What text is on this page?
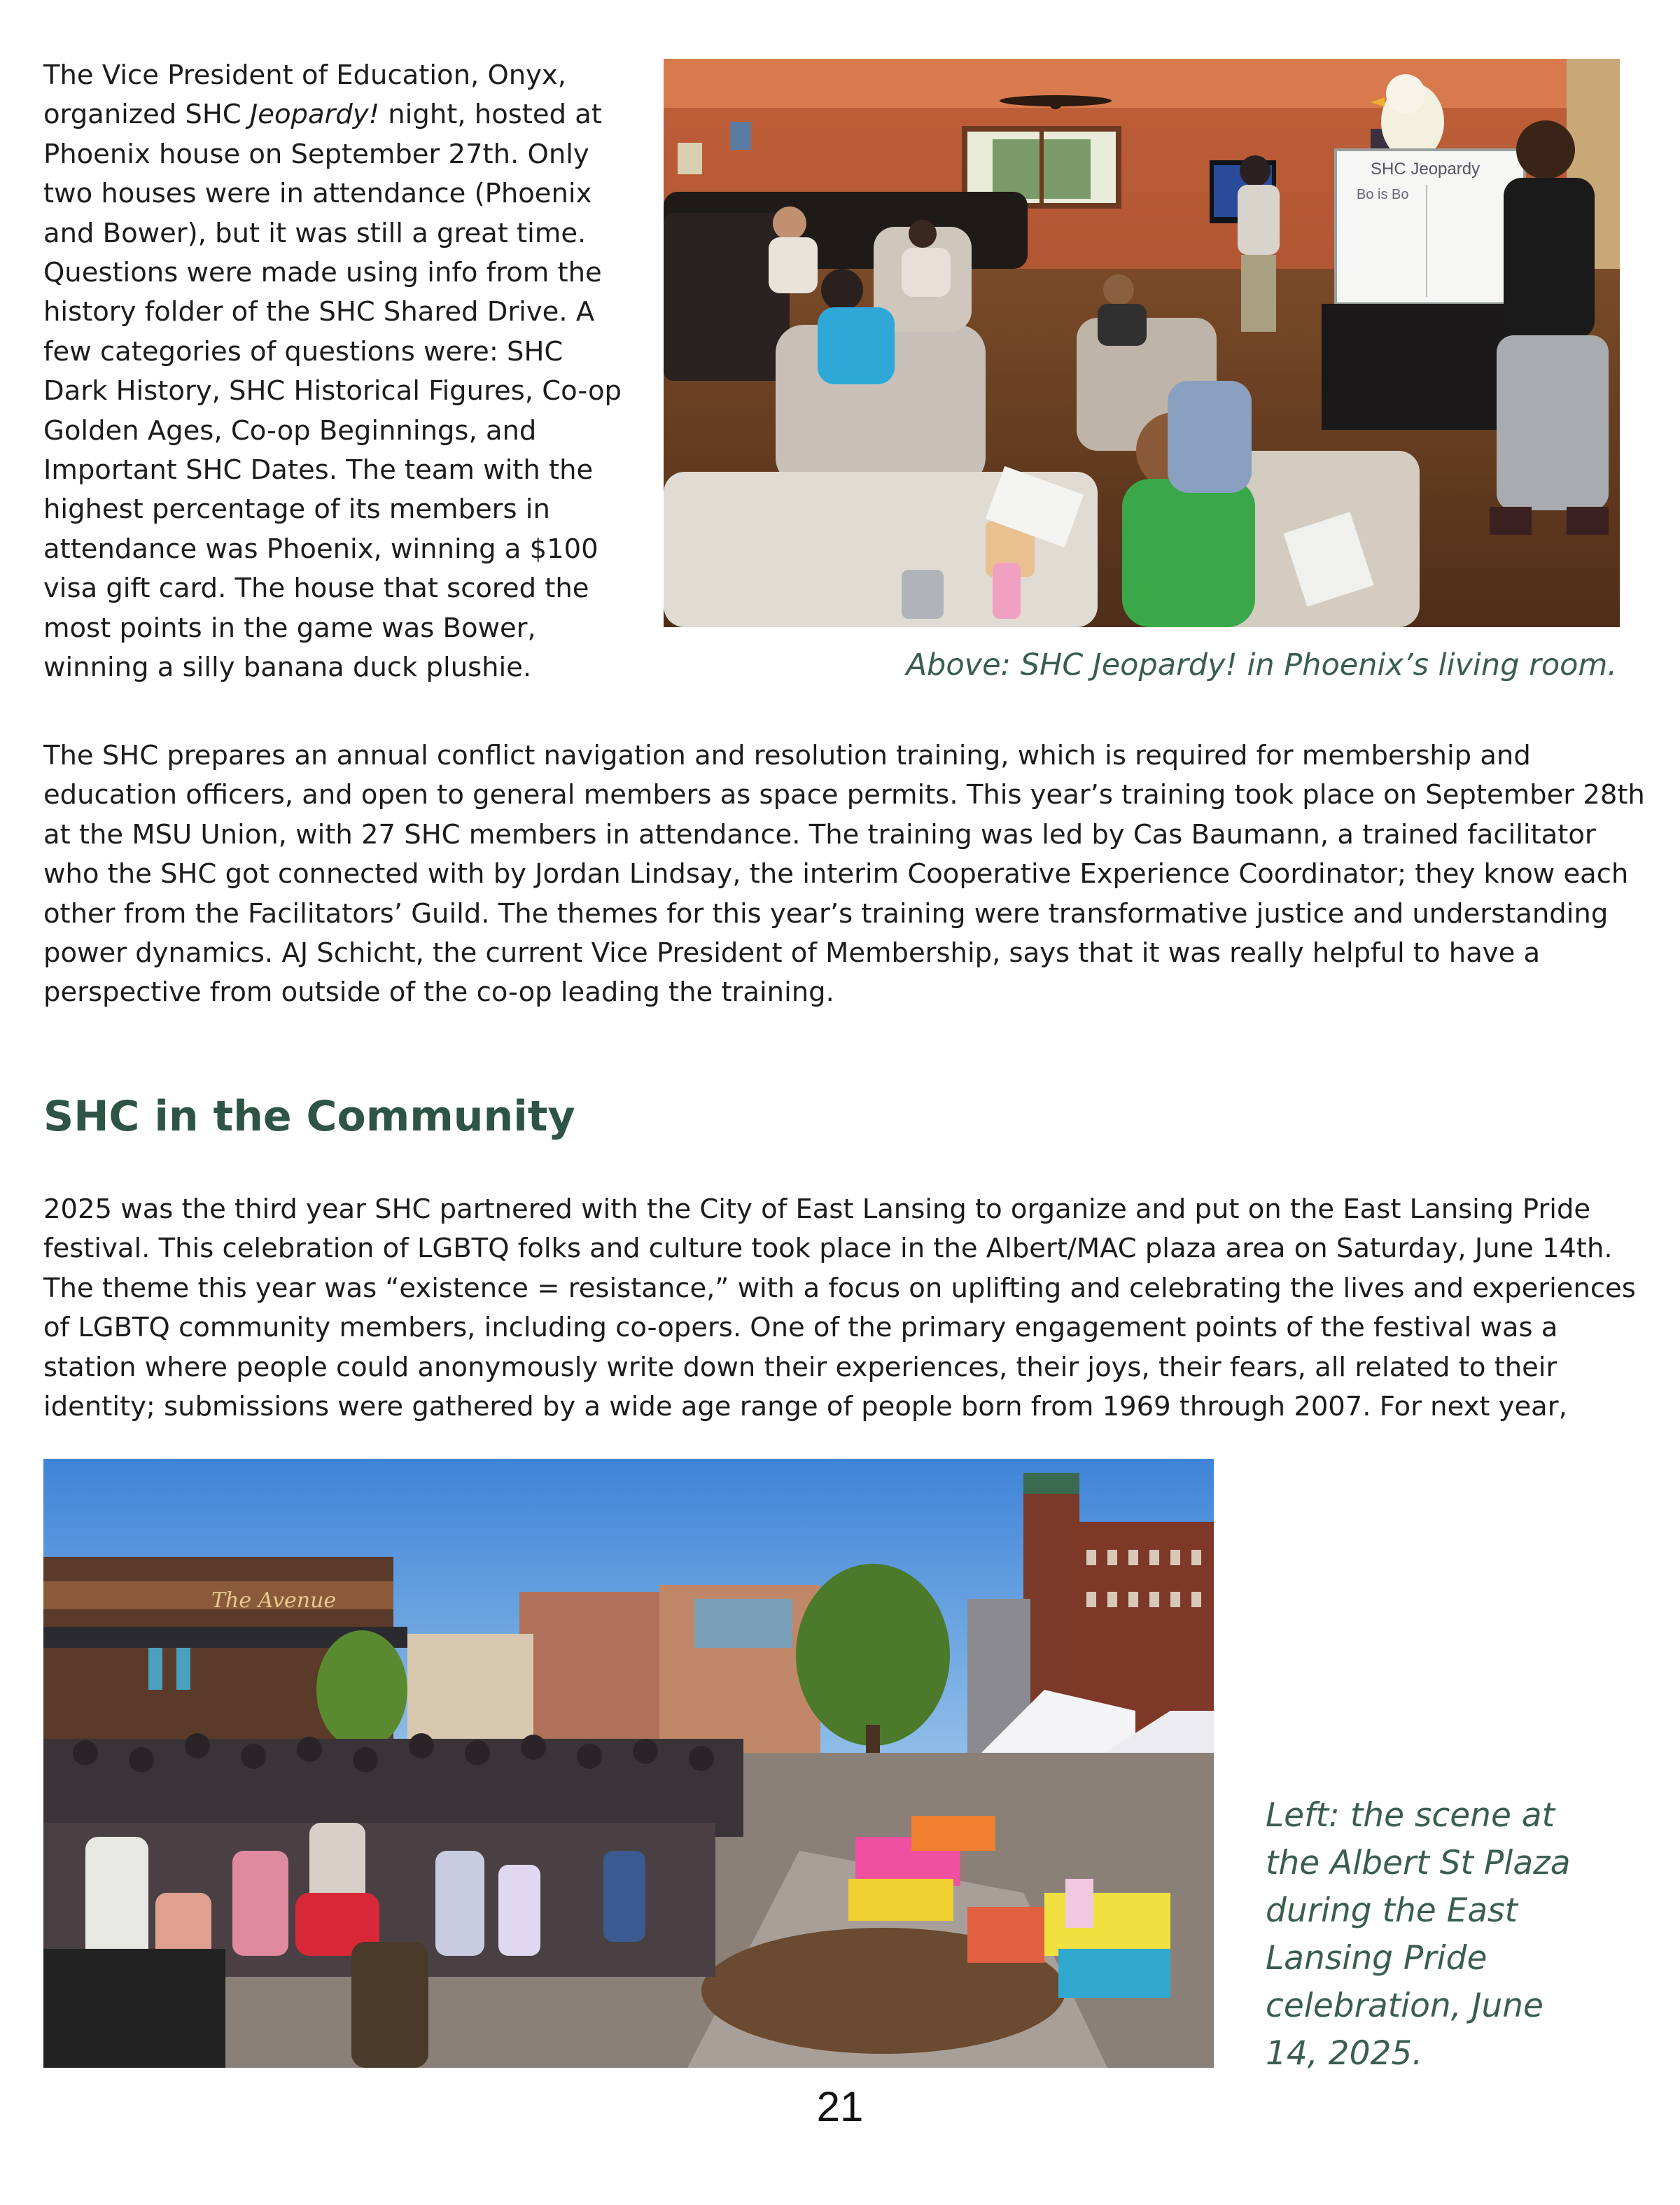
The Vice President of Education, Onyx, organized SHC Jeopardy! night, hosted at Phoenix house on September 27th. Only two houses were in attendance (Phoenix and Bower), but it was still a great time. Questions were made using info from the history folder of the SHC Shared Drive. A few categories of questions were: SHC Dark History, SHC Historical Figures, Co-op Golden Ages, Co-op Beginnings, and Important SHC Dates. The team with the highest percentage of its members in attendance was Phoenix, winning a $100 visa gift card. The house that scored the most points in the game was Bower, winning a silly banana duck plushie.

SHC Jeopardy
Bo is Bo

Above: SHC Jeopardy! in Phoenix’s living room.

The SHC prepares an annual conflict navigation and resolution training, which is required for membership and education officers, and open to general members as space permits. This year’s training took place on September 28th at the MSU Union, with 27 SHC members in attendance. The training was led by Cas Baumann, a trained facilitator who the SHC got connected with by Jordan Lindsay, the interim Cooperative Experience Coordinator; they know each other from the Facilitators’ Guild. The themes for this year’s training were transformative justice and understanding power dynamics. AJ Schicht, the current Vice President of Membership, says that it was really helpful to have a perspective from outside of the co-op leading the training.

SHC in the Community

2025 was the third year SHC partnered with the City of East Lansing to organize and put on the East Lansing Pride festival. This celebration of LGBTQ folks and culture took place in the Albert/MAC plaza area on Saturday, June 14th. The theme this year was “existence = resistance,” with a focus on uplifting and celebrating the lives and experiences of LGBTQ community members, including co-opers. One of the primary engagement points of the festival was a station where people could anonymously write down their experiences, their joys, their fears, all related to their identity; submissions were gathered by a wide age range of people born from 1969 through 2007. For next year,

The Avenue

Left: the scene at the Albert St Plaza during the East Lansing Pride celebration, June 14, 2025.

21
